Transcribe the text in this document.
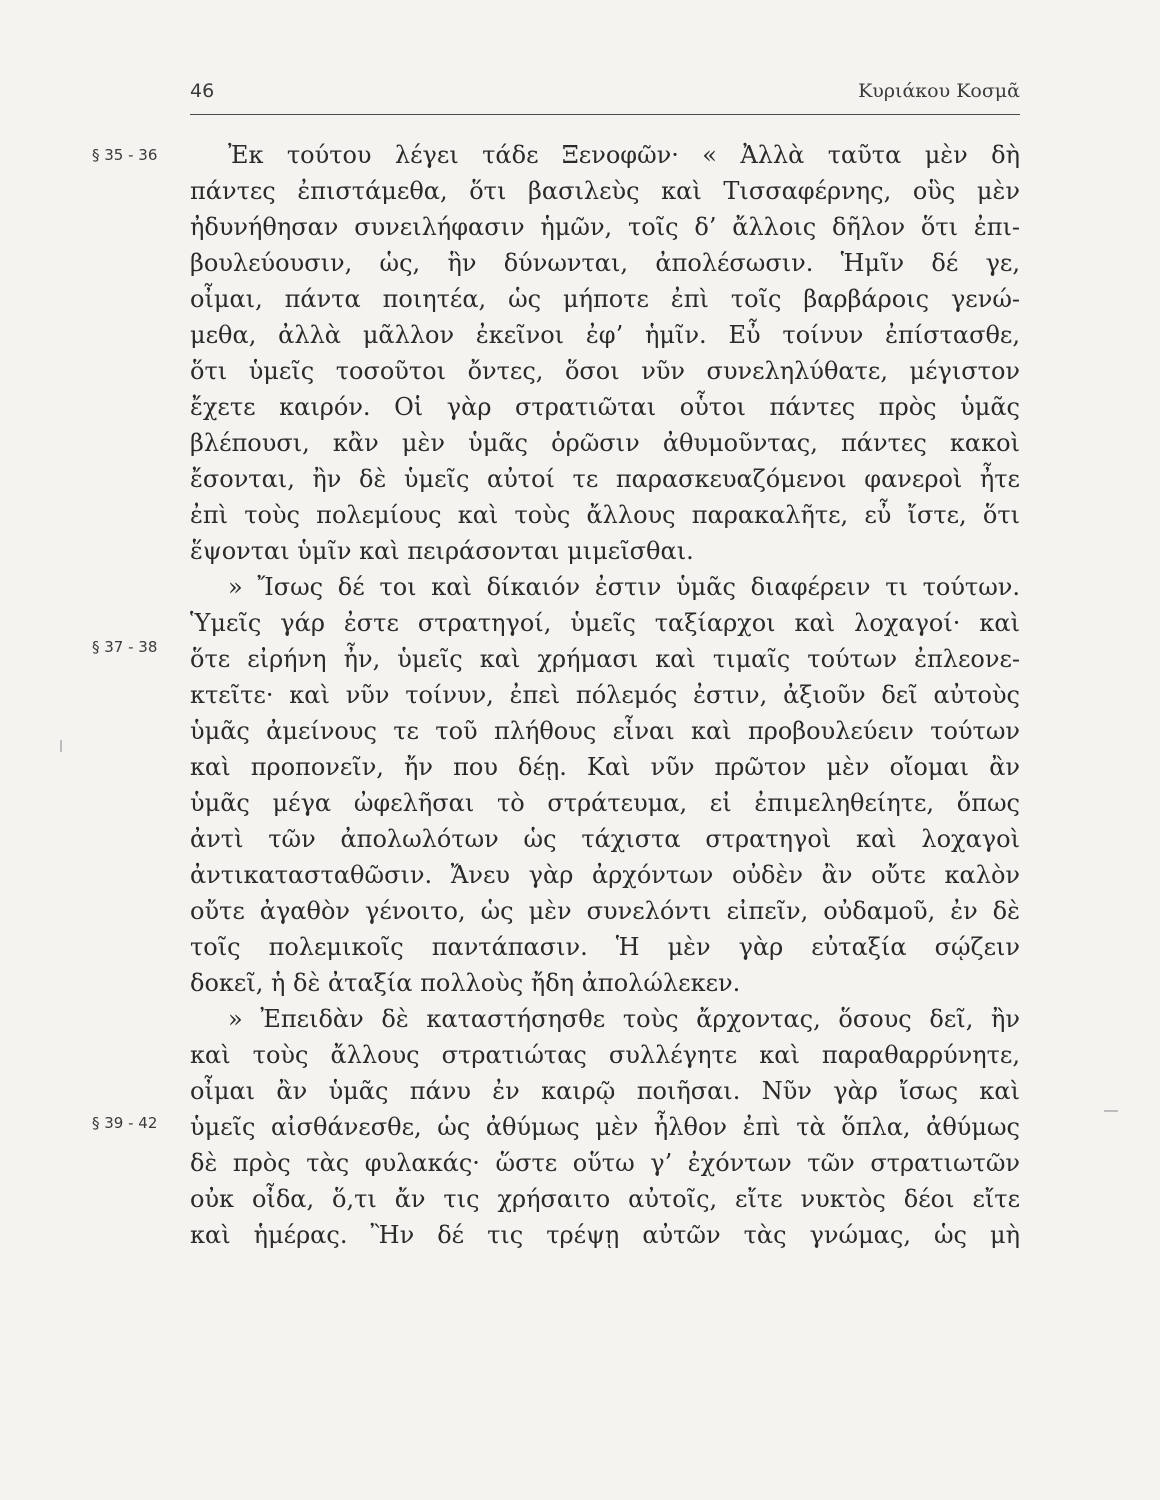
46	Κυριάκου Κοσμᾶ
§ 35 - 36
§ 37 - 38
§ 39 - 42
Ἐκ τούτου λέγει τάδε Ξενοφῶν· « Ἀλλὰ ταῦτα μὲν δὴ
πάντες ἐπιστάμεθα, ὅτι βασιλεὺς καὶ Τισσαφέρνης, οὓς μὲν
ἠδυνήθησαν συνειλήφασιν ἡμῶν, τοῖς δ’ ἄλλοις δῆλον ὅτι ἐπι-
βουλεύουσιν, ὡς, ἣν δύνωνται, ἀπολέσωσιν. Ἡμῖν δέ γε,
οἶμαι, πάντα ποιητέα, ὡς μήποτε ἐπὶ τοῖς βαρβάροις γενώ-
μεθα, ἀλλὰ μᾶλλον ἐκεῖνοι ἐφ’ ἡμῖν. Εὖ τοίνυν ἐπίστασθε,
ὅτι ὑμεῖς τοσοῦτοι ὄντες, ὅσοι νῦν συνεληλύθατε, μέγιστον
ἔχετε καιρόν. Οἱ γὰρ στρατιῶται οὗτοι πάντες πρὸς ὑμᾶς
βλέπουσι, κἂν μὲν ὑμᾶς ὁρῶσιν ἀθυμοῦντας, πάντες κακοὶ
ἔσονται, ἢν δὲ ὑμεῖς αὐτοί τε παρασκευαζόμενοι φανεροὶ ἦτε
ἐπὶ τοὺς πολεμίους καὶ τοὺς ἄλλους παρακαλῆτε, εὖ ἴστε, ὅτι
ἕψονται ὑμῖν καὶ πειράσονται μιμεῖσθαι.
» Ἴσως δέ τοι καὶ δίκαιόν ἐστιν ὑμᾶς διαφέρειν τι τούτων.
Ὑμεῖς γάρ ἐστε στρατηγοί, ὑμεῖς ταξίαρχοι καὶ λοχαγοί· καὶ
ὅτε εἰρήνη ἦν, ὑμεῖς καὶ χρήμασι καὶ τιμαῖς τούτων ἐπλεονε-
κτεῖτε· καὶ νῦν τοίνυν, ἐπεὶ πόλεμός ἐστιν, ἀξιοῦν δεῖ αὐτοὺς
ὑμᾶς ἀμείνους τε τοῦ πλήθους εἶναι καὶ προβουλεύειν τούτων
καὶ προπονεῖν, ἤν που δέῃ. Καὶ νῦν πρῶτον μὲν οἴομαι ἂν
ὑμᾶς μέγα ὠφελῆσαι τὸ στράτευμα, εἰ ἐπιμεληθείητε, ὅπως
ἀντὶ τῶν ἀπολωλότων ὡς τάχιστα στρατηγοὶ καὶ λοχαγοὶ
ἀντικατασταθῶσιν. Ἄνευ γὰρ ἀρχόντων οὐδὲν ἂν οὔτε καλὸν
οὔτε ἀγαθὸν γένοιτο, ὡς μὲν συνελόντι εἰπεῖν, οὐδαμοῦ, ἐν δὲ
τοῖς πολεμικοῖς παντάπασιν. Ἡ μὲν γὰρ εὐταξία σῴζειν
δοκεῖ, ἡ δὲ ἀταξία πολλοὺς ἤδη ἀπολώλεκεν.
» Ἐπειδὰν δὲ καταστήσησθε τοὺς ἄρχοντας, ὅσους δεῖ, ἢν
καὶ τοὺς ἄλλους στρατιώτας συλλέγητε καὶ παραθαρρύνητε,
οἶμαι ἂν ὑμᾶς πάνυ ἐν καιρῷ ποιῆσαι. Νῦν γὰρ ἴσως καὶ
ὑμεῖς αἰσθάνεσθε, ὡς ἀθύμως μὲν ἦλθον ἐπὶ τὰ ὅπλα, ἀθύμως
δὲ πρὸς τὰς φυλακάς· ὥστε οὕτω γ’ ἐχόντων τῶν στρατιωτῶν
οὐκ οἶδα, ὅ,τι ἄν τις χρήσαιτο αὐτοῖς, εἴτε νυκτὸς δέοι εἴτε
καὶ ἡμέρας. Ἢν δέ τις τρέψῃ αὐτῶν τὰς γνώμας, ὡς μὴ
